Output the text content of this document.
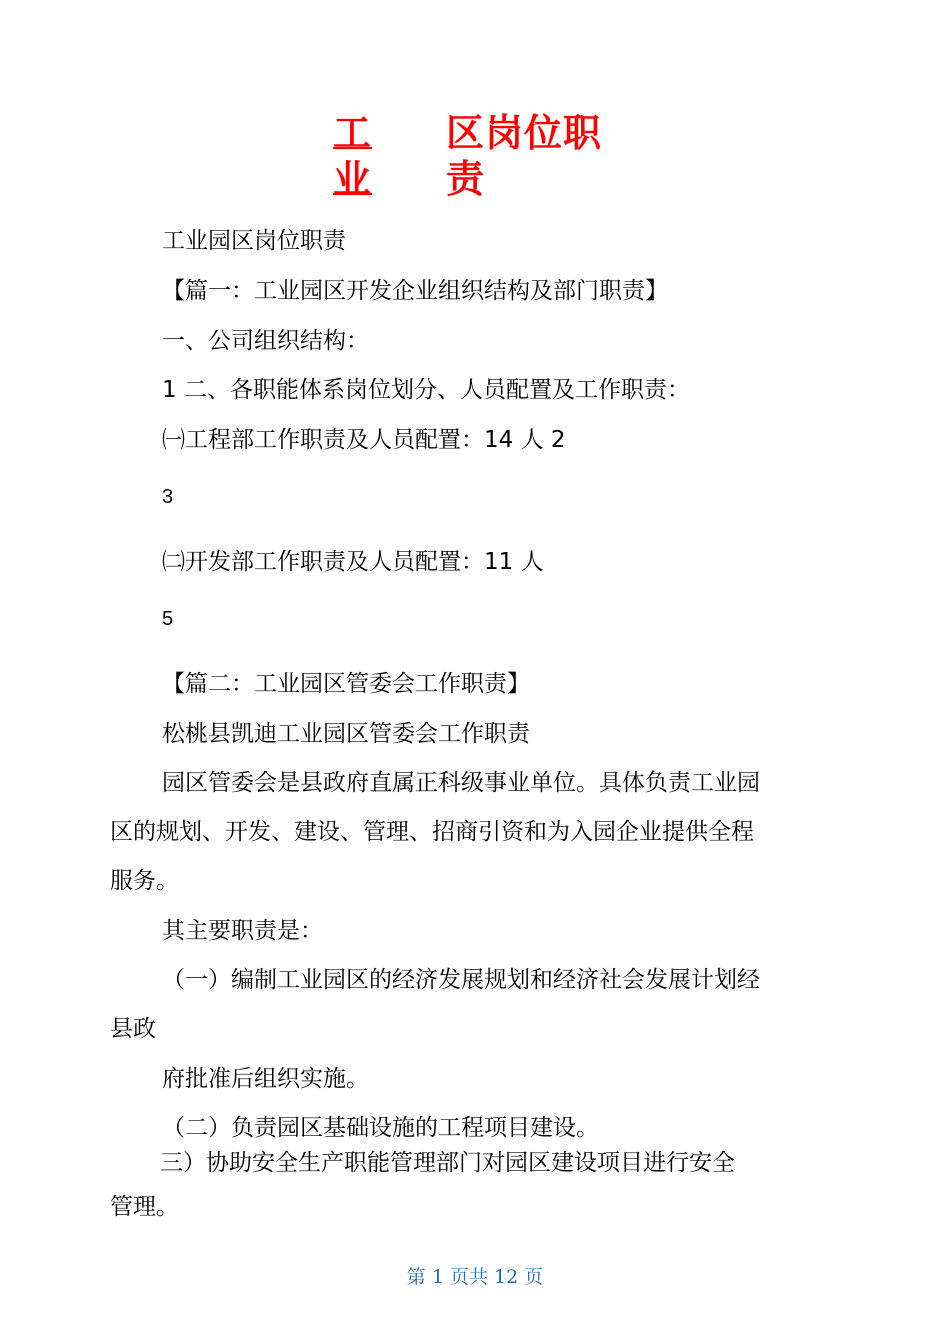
工
业
区岗位职
责
工业园区岗位职责
【篇一：工业园区开发企业组织结构及部门职责】
一、公司组织结构：
1 二、各职能体系岗位划分、人员配置及工作职责：
㈠工程部工作职责及人员配置：14 人 2
3
㈡开发部工作职责及人员配置：11 人
5
【篇二：工业园区管委会工作职责】
松桃县凯迪工业园区管委会工作职责
园区管委会是县政府直属正科级事业单位。具体负责工业园
区的规划、开发、建设、管理、招商引资和为入园企业提供全程
服务。
其主要职责是：
（一）编制工业园区的经济发展规划和经济社会发展计划经
县政
府批准后组织实施。
（二）负责园区基础设施的工程项目建设。
三）协助安全生产职能管理部门对园区建设项目进行安全
管理。
第 1 页共 12 页
